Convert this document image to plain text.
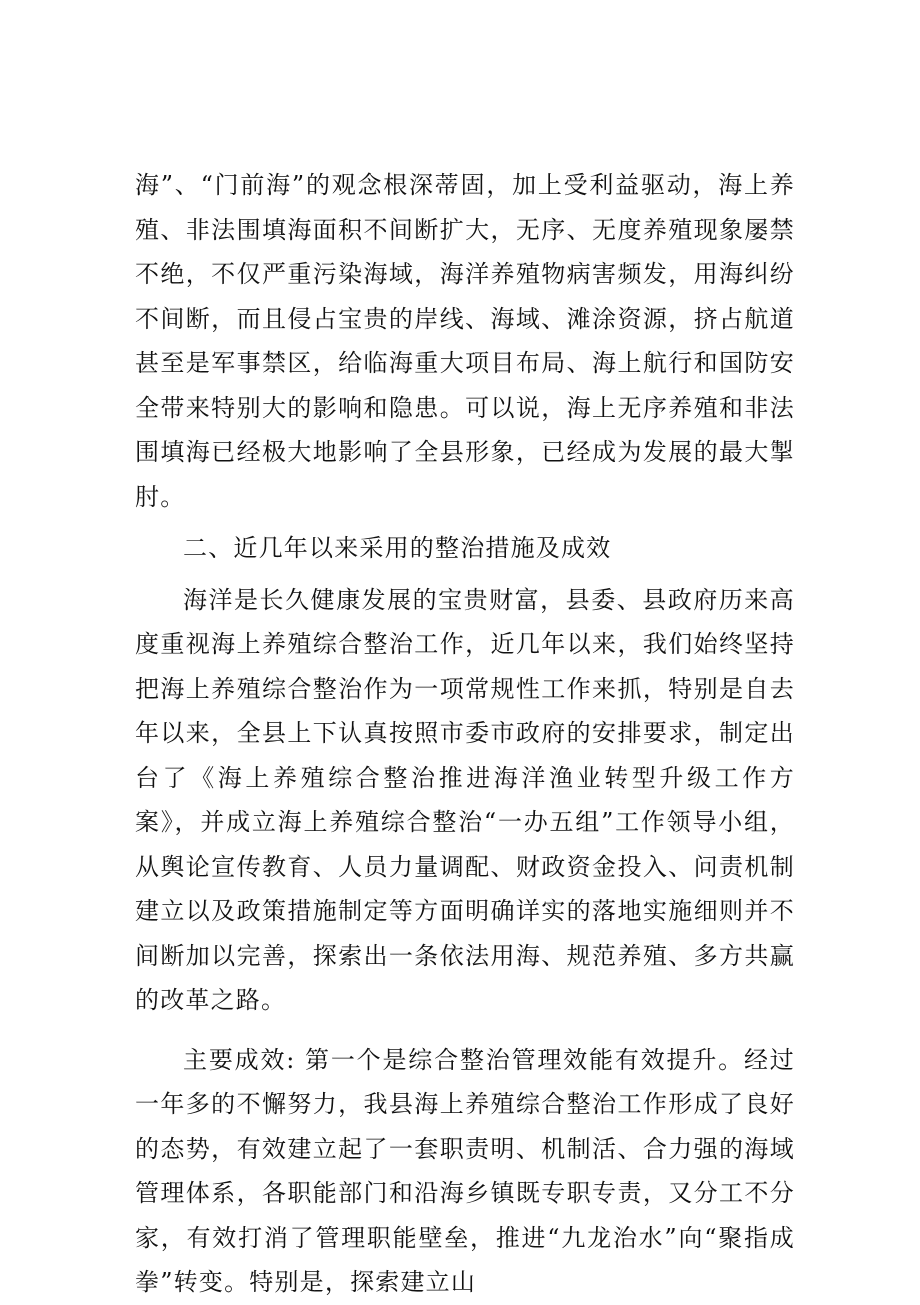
海”、“门前海”的观念根深蒂固，加上受利益驱动，海上养殖、非法围填海面积不间断扩大，无序、无度养殖现象屡禁不绝，不仅严重污染海域，海洋养殖物病害频发，用海纠纷不间断，而且侵占宝贵的岸线、海域、滩涂资源，挤占航道甚至是军事禁区，给临海重大项目布局、海上航行和国防安全带来特别大的影响和隐患。可以说，海上无序养殖和非法围填海已经极大地影响了全县形象，已经成为发展的最大掣肘。

二、近几年以来采用的整治措施及成效

海洋是长久健康发展的宝贵财富，县委、县政府历来高度重视海上养殖综合整治工作，近几年以来，我们始终坚持把海上养殖综合整治作为一项常规性工作来抓，特别是自去年以来，全县上下认真按照市委市政府的安排要求，制定出台了《海上养殖综合整治推进海洋渔业转型升级工作方案》，并成立海上养殖综合整治“一办五组”工作领导小组，从舆论宣传教育、人员力量调配、财政资金投入、问责机制建立以及政策措施制定等方面明确详实的落地实施细则并不间断加以完善，探索出一条依法用海、规范养殖、多方共赢的改革之路。

主要成效: 第一个是综合整治管理效能有效提升。经过一年多的不懈努力，我县海上养殖综合整治工作形成了良好的态势，有效建立起了一套职责明、机制活、合力强的海域管理体系，各职能部门和沿海乡镇既专职专责，又分工不分家，有效打消了管理职能壁垒，推进“九龙治水”向“聚指成拳”转变。特别是，探索建立山
